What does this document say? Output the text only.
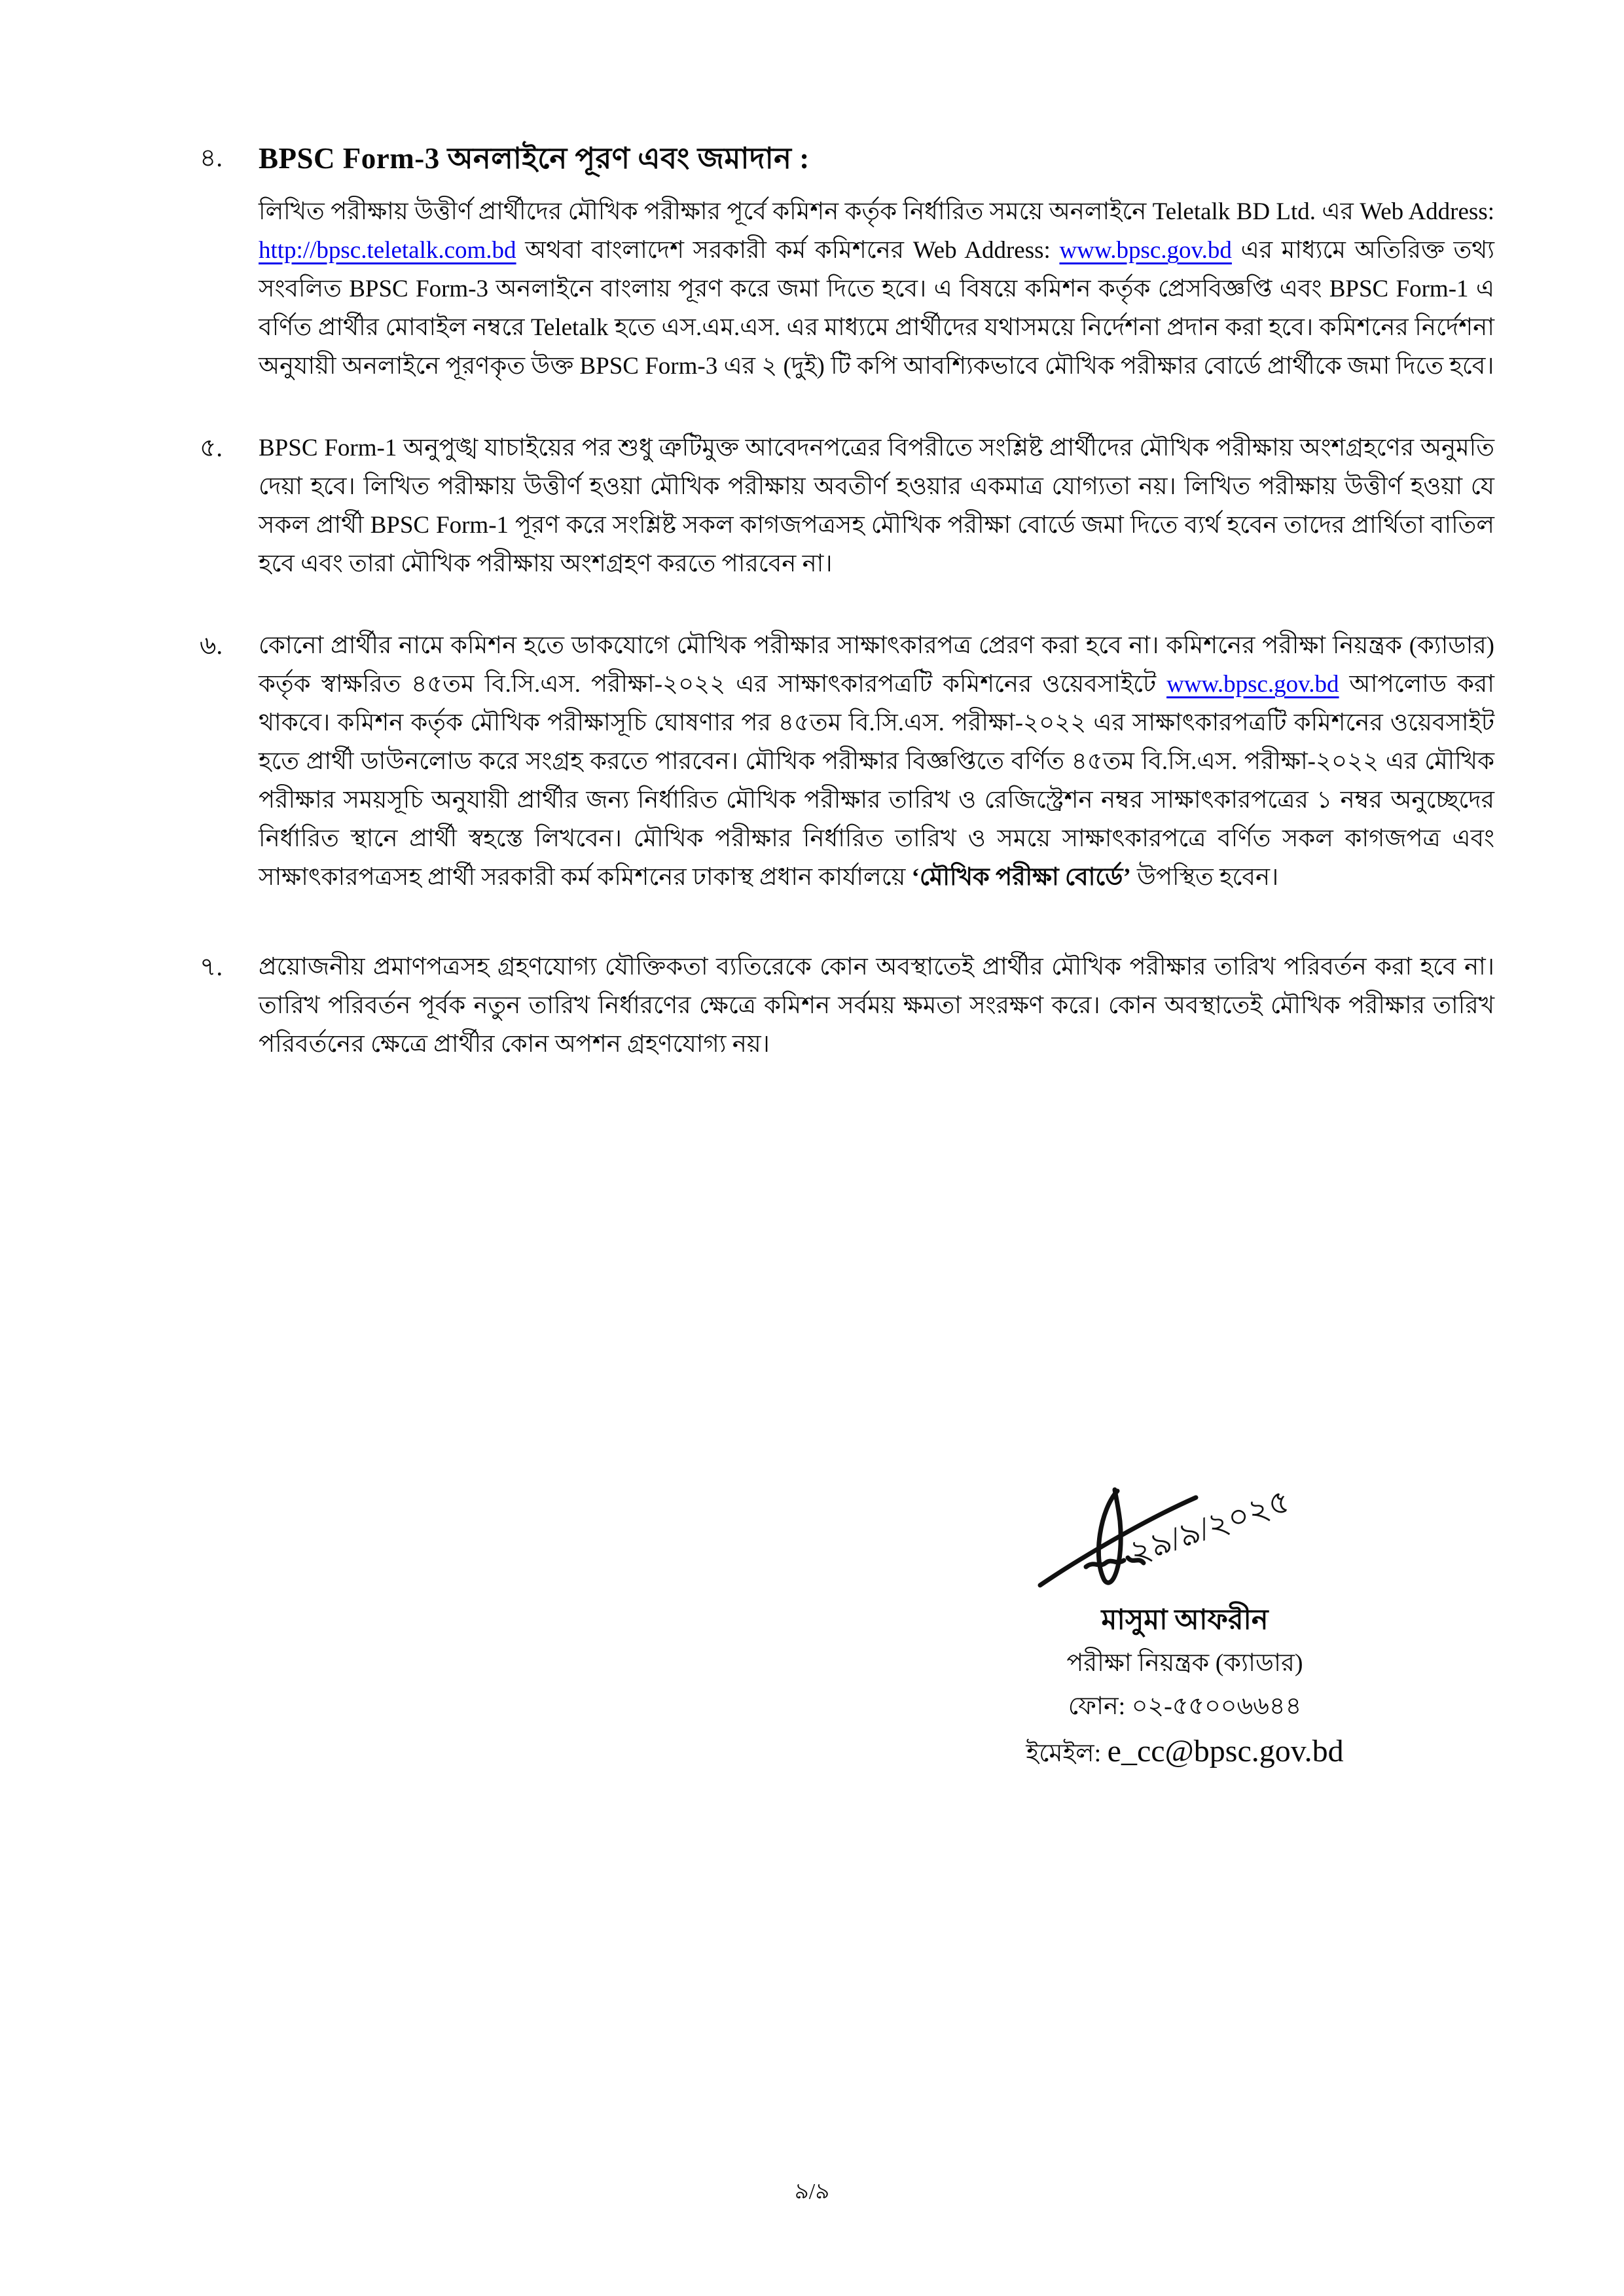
৪.	BPSC Form-3 অনলাইনে পূরণ এবং জমাদান :

লিখিত পরীক্ষায় উত্তীর্ণ প্রার্থীদের মৌখিক পরীক্ষার পূর্বে কমিশন কর্তৃক নির্ধারিত সময়ে অনলাইনে Teletalk BD Ltd. এর Web Address: http://bpsc.teletalk.com.bd অথবা বাংলাদেশ সরকারী কর্ম কমিশনের Web Address: www.bpsc.gov.bd এর মাধ্যমে অতিরিক্ত তথ্য সংবলিত BPSC Form-3 অনলাইনে বাংলায় পূরণ করে জমা দিতে হবে। এ বিষয়ে কমিশন কর্তৃক প্রেসবিজ্ঞপ্তি এবং BPSC Form-1 এ বর্ণিত প্রার্থীর মোবাইল নম্বরে Teletalk হতে এস.এম.এস. এর মাধ্যমে প্রার্থীদের যথাসময়ে নির্দেশনা প্রদান করা হবে। কমিশনের নির্দেশনা অনুযায়ী অনলাইনে পূরণকৃত উক্ত BPSC Form-3 এর ২ (দুই) টি কপি আবশ্যিকভাবে মৌখিক পরীক্ষার বোর্ডে প্রার্থীকে জমা দিতে হবে।

৫.	BPSC Form-1 অনুপুঙ্খ যাচাইয়ের পর শুধু ত্রুটিমুক্ত আবেদনপত্রের বিপরীতে সংশ্লিষ্ট প্রার্থীদের মৌখিক পরীক্ষায় অংশগ্রহণের অনুমতি দেয়া হবে। লিখিত পরীক্ষায় উত্তীর্ণ হওয়া মৌখিক পরীক্ষায় অবতীর্ণ হওয়ার একমাত্র যোগ্যতা নয়। লিখিত পরীক্ষায় উত্তীর্ণ হওয়া যে সকল প্রার্থী BPSC Form-1 পূরণ করে সংশ্লিষ্ট সকল কাগজপত্রসহ মৌখিক পরীক্ষা বোর্ডে জমা দিতে ব্যর্থ হবেন তাদের প্রার্থিতা বাতিল হবে এবং তারা মৌখিক পরীক্ষায় অংশগ্রহণ করতে পারবেন না।

৬.	কোনো প্রার্থীর নামে কমিশন হতে ডাকযোগে মৌখিক পরীক্ষার সাক্ষাৎকারপত্র প্রেরণ করা হবে না। কমিশনের পরীক্ষা নিয়ন্ত্রক (ক্যাডার) কর্তৃক স্বাক্ষরিত ৪৫তম বি.সি.এস. পরীক্ষা-২০২২ এর সাক্ষাৎকারপত্রটি কমিশনের ওয়েবসাইটে www.bpsc.gov.bd আপলোড করা থাকবে। কমিশন কর্তৃক মৌখিক পরীক্ষাসূচি ঘোষণার পর ৪৫তম বি.সি.এস. পরীক্ষা-২০২২ এর সাক্ষাৎকারপত্রটি কমিশনের ওয়েবসাইট হতে প্রার্থী ডাউনলোড করে সংগ্রহ করতে পারবেন। মৌখিক পরীক্ষার বিজ্ঞপ্তিতে বর্ণিত ৪৫তম বি.সি.এস. পরীক্ষা-২০২২ এর মৌখিক পরীক্ষার সময়সূচি অনুযায়ী প্রার্থীর জন্য নির্ধারিত মৌখিক পরীক্ষার তারিখ ও রেজিস্ট্রেশন নম্বর সাক্ষাৎকারপত্রের ১ নম্বর অনুচ্ছেদের নির্ধারিত স্থানে প্রার্থী স্বহস্তে লিখবেন। মৌখিক পরীক্ষার নির্ধারিত তারিখ ও সময়ে সাক্ষাৎকারপত্রে বর্ণিত সকল কাগজপত্র এবং সাক্ষাৎকারপত্রসহ প্রার্থী সরকারী কর্ম কমিশনের ঢাকাস্থ প্রধান কার্যালয়ে ‘মৌখিক পরীক্ষা বোর্ডে’ উপস্থিত হবেন।

৭.	প্রয়োজনীয় প্রমাণপত্রসহ গ্রহণযোগ্য যৌক্তিকতা ব্যতিরেকে কোন অবস্থাতেই প্রার্থীর মৌখিক পরীক্ষার তারিখ পরিবর্তন করা হবে না। তারিখ পরিবর্তন পূর্বক নতুন তারিখ নির্ধারণের ক্ষেত্রে কমিশন সর্বময় ক্ষমতা সংরক্ষণ করে। কোন অবস্থাতেই মৌখিক পরীক্ষার তারিখ পরিবর্তনের ক্ষেত্রে প্রার্থীর কোন অপশন গ্রহণযোগ্য নয়।

২৯/৯/২০২৫
মাসুমা আফরীন
পরীক্ষা নিয়ন্ত্রক (ক্যাডার)
ফোন: ০২-৫৫০০৬৬৪৪
ইমেইল: e_cc@bpsc.gov.bd
৯/৯
